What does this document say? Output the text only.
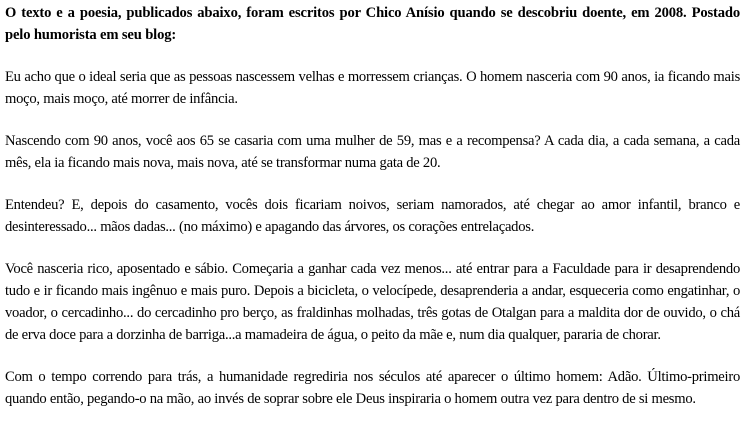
O texto e a poesia, publicados abaixo, foram escritos por Chico Anísio quando se descobriu doente, em 2008. Postado pelo humorista em seu blog:

Eu acho que o ideal seria que as pessoas nascessem velhas e morressem crianças. O homem nasceria com 90 anos, ia ficando mais moço, mais moço, até morrer de infância.

Nascendo com 90 anos, você aos 65 se casaria com uma mulher de 59, mas e a recompensa? A cada dia, a cada semana, a cada mês, ela ia ficando mais nova, mais nova, até se transformar numa gata de 20.

Entendeu? E, depois do casamento, vocês dois ficariam noivos, seriam namorados, até chegar ao amor infantil, branco e desinteressado... mãos dadas... (no máximo) e apagando das árvores, os corações entrelaçados.

Você nasceria rico, aposentado e sábio. Começaria a ganhar cada vez menos... até entrar para a Faculdade para ir desaprendendo tudo e ir ficando mais ingênuo e mais puro. Depois a bicicleta, o velocípede, desaprenderia a andar, esqueceria como engatinhar, o voador, o cercadinho... do cercadinho pro berço, as fraldinhas molhadas, três gotas de Otalgan para a maldita dor de ouvido, o chá de erva doce para a dorzinha de barriga...a mamadeira de água, o peito da mãe e, num dia qualquer, pararia de chorar.

Com o tempo correndo para trás, a humanidade regrediria nos séculos até aparecer o último homem: Adão. Último-primeiro quando então, pegando-o na mão, ao invés de soprar sobre ele Deus inspiraria o homem outra vez para dentro de si mesmo.
